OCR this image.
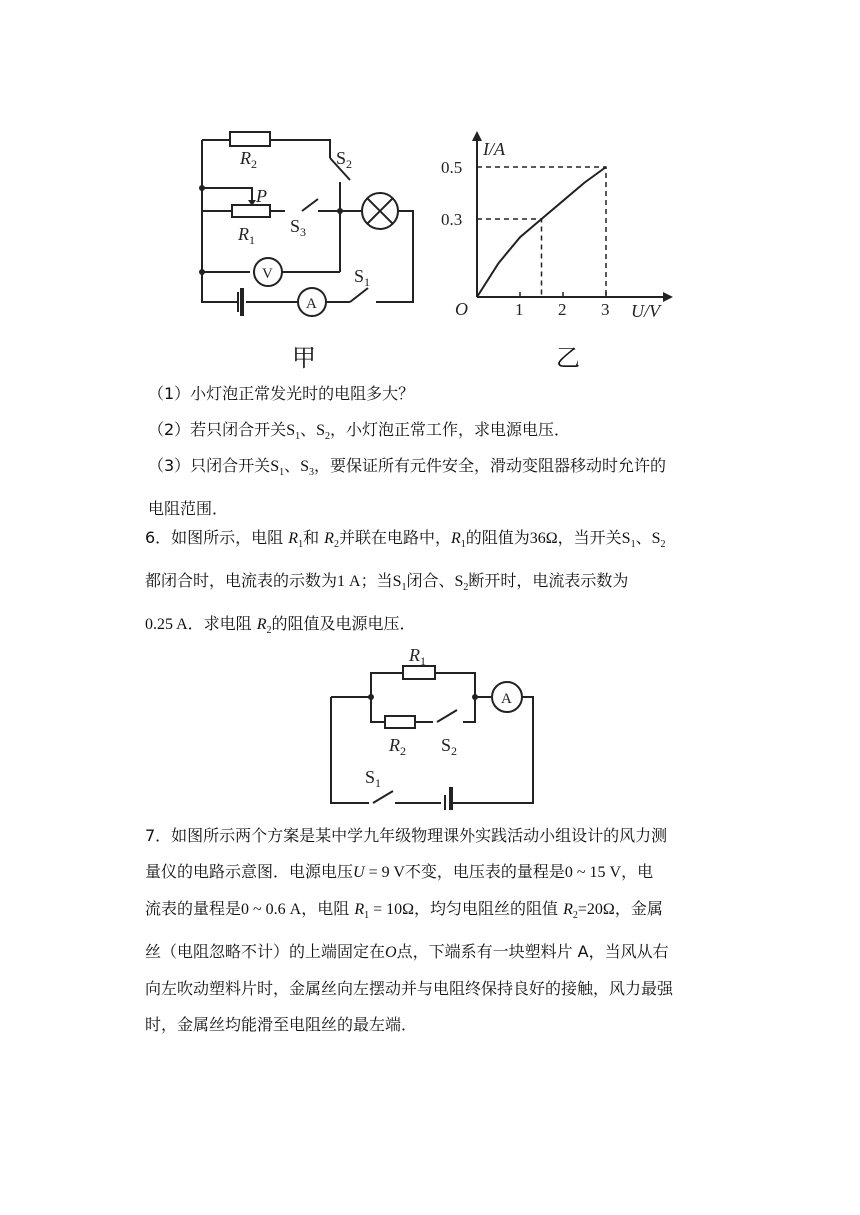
$R_2$
P
$R_1$
$S_2$
$S_3$
$S_1$
V
A	1 2 3
0.3
0.5
I/A
U/V
O
甲	乙
（1）小灯泡正常发光时的电阻多大？
（2）若只闭合开关$S_1$、$S_2$，小灯泡正常工作，求电源电压．
（3）只闭合开关$S_1$、$S_3$，要保证所有元件安全，滑动变阻器移动时允许的
电阻范围．
6．如图所示，电阻 $R_1$和 $R_2$并联在电路中，$R_1$的阻值为36Ω，当开关$S_1$、$S_2$
都闭合时，电流表的示数为1 A；当$S_1$闭合、$S_2$断开时，电流表示数为
0.25 A．求电阻 $R_2$的阻值及电源电压．
$R_1$
$R_2$ $S_2$
$S_1$
A
7．如图所示两个方案是某中学九年级物理课外实践活动小组设计的风力测
量仪的电路示意图．电源电压U = 9 V不变，电压表的量程是0 ~ 15 V，电
流表的量程是0 ~ 0.6 A，电阻 $R_1 = 10\Omega$，均匀电阻丝的阻值 $R_2=20\Omega$，金属
丝（电阻忽略不计）的上端固定在O点，下端系有一块塑料片 A，当风从右
向左吹动塑料片时，金属丝向左摆动并与电阻终保持良好的接触，风力最强
时，金属丝均能滑至电阻丝的最左端．
